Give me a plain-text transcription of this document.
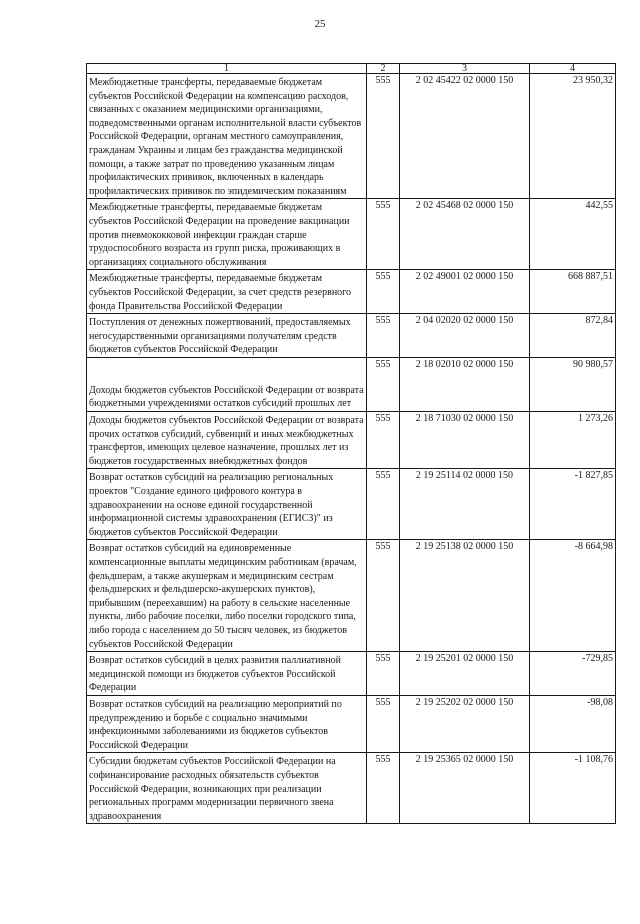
25
1	2	3	4

Межбюджетные трансферты, передаваемые бюджетам субъектов Российской Федерации на компенсацию расходов, связанных с оказанием медицинскими организациями, подведомственными органам исполнительной власти субъектов Российской Федерации, органам местного самоуправления, гражданам Украины и лицам без гражданства медицинской помощи, а также затрат по проведению указанным лицам профилактических прививок, включенных в календарь профилактических прививок по эпидемическим показаниям	555	2 02 45422 02 0000 150	23 950,32

Межбюджетные трансферты, передаваемые бюджетам субъектов Российской Федерации на проведение вакцинации против пневмококковой инфекции граждан старше трудоспособного возраста из групп риска, проживающих в организациях социального обслуживания	555	2 02 45468 02 0000 150	442,55

Межбюджетные трансферты, передаваемые бюджетам субъектов Российской Федерации, за счет средств резервного фонда Правительства Российской Федерации	555	2 02 49001 02 0000 150	668 887,51

Поступления от денежных пожертвований, предоставляемых негосударственными организациями получателям средств бюджетов субъектов Российской Федерации	555	2 04 02020 02 0000 150	872,84

Доходы бюджетов субъектов Российской Федерации от возврата бюджетными учреждениями остатков субсидий прошлых лет	555	2 18 02010 02 0000 150	90 980,57

Доходы бюджетов субъектов Российской Федерации от возврата прочих остатков субсидий, субвенций и иных межбюджетных трансфертов, имеющих целевое назначение, прошлых лет из бюджетов государственных внебюджетных фондов	555	2 18 71030 02 0000 150	1 273,26

Возврат остатков субсидий на реализацию региональных проектов "Создание единого цифрового контура в здравоохранении на основе единой государственной информационной системы здравоохранения (ЕГИСЗ)" из бюджетов субъектов Российской Федерации	555	2 19 25114 02 0000 150	-1 827,85

Возврат остатков субсидий на единовременные компенсационные выплаты медицинским работникам (врачам, фельдшерам, а также акушеркам и медицинским сестрам фельдшерских и фельдшерско-акушерских пунктов), прибывшим (переехавшим) на работу в сельские населенные пункты, либо рабочие поселки, либо поселки городского типа, либо города с населением до 50 тысяч человек, из бюджетов субъектов Российской Федерации	555	2 19 25138 02 0000 150	-8 664,98

Возврат остатков субсидий в целях развития паллиативной медицинской помощи из бюджетов субъектов Российской Федерации	555	2 19 25201 02 0000 150	-729,85

Возврат остатков субсидий на реализацию мероприятий по предупреждению и борьбе с социально значимыми инфекционными заболеваниями из бюджетов субъектов Российской Федерации	555	2 19 25202 02 0000 150	-98,08

Субсидии бюджетам субъектов Российской Федерации на софинансирование расходных обязательств субъектов Российской Федерации, возникающих при реализации региональных программ модернизации первичного звена здравоохранения	555	2 19 25365 02 0000 150	-1 108,76
